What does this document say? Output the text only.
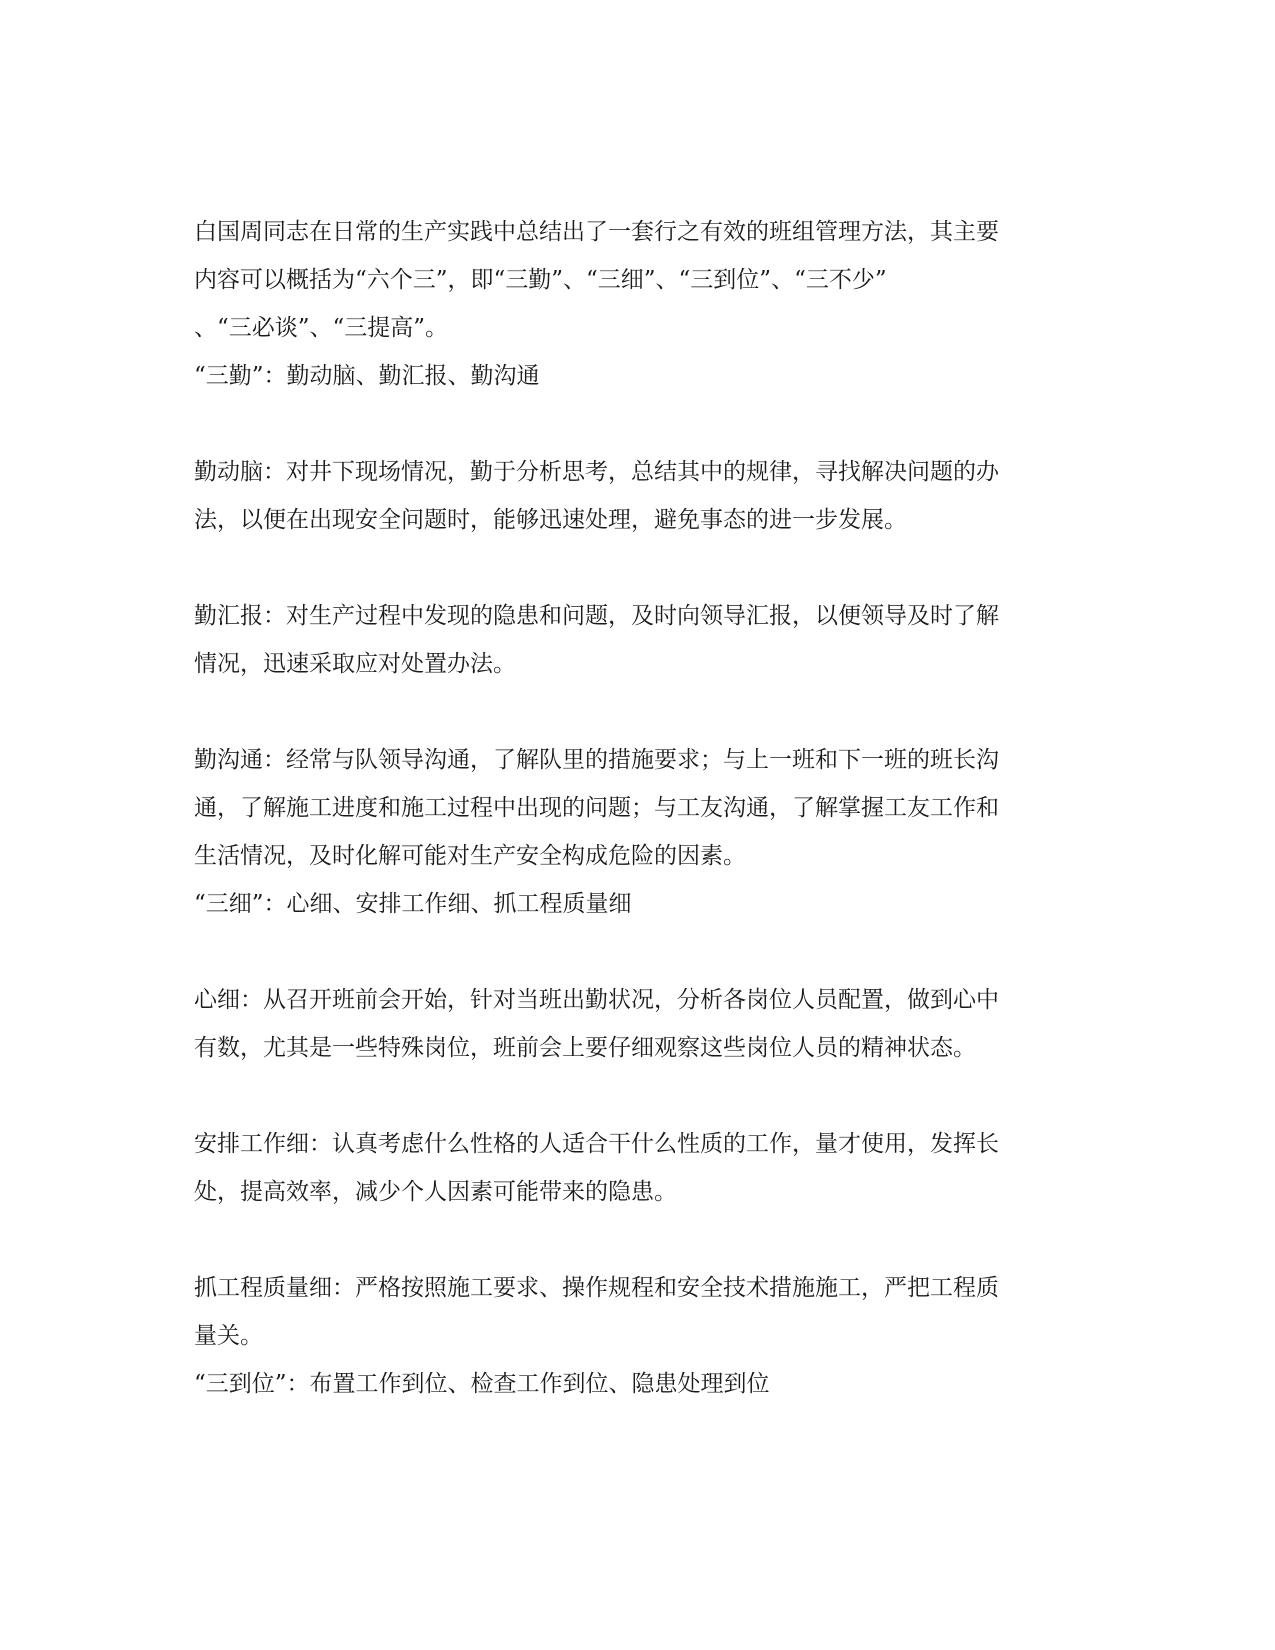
白国周同志在日常的生产实践中总结出了一套行之有效的班组管理方法，其主要
内容可以概括为“六个三”，即“三勤”、“三细”、“三到位”、“三不少”
、“三必谈”、“三提高”。
“三勤”：勤动脑、勤汇报、勤沟通
勤动脑：对井下现场情况，勤于分析思考，总结其中的规律，寻找解决问题的办
法，以便在出现安全问题时，能够迅速处理，避免事态的进一步发展。
勤汇报：对生产过程中发现的隐患和问题，及时向领导汇报，以便领导及时了解
情况，迅速采取应对处置办法。
勤沟通：经常与队领导沟通，了解队里的措施要求；与上一班和下一班的班长沟
通，了解施工进度和施工过程中出现的问题；与工友沟通，了解掌握工友工作和
生活情况，及时化解可能对生产安全构成危险的因素。
“三细”：心细、安排工作细、抓工程质量细
心细：从召开班前会开始，针对当班出勤状况，分析各岗位人员配置，做到心中
有数，尤其是一些特殊岗位，班前会上要仔细观察这些岗位人员的精神状态。
安排工作细：认真考虑什么性格的人适合干什么性质的工作，量才使用，发挥长
处，提高效率，减少个人因素可能带来的隐患。
抓工程质量细：严格按照施工要求、操作规程和安全技术措施施工，严把工程质
量关。
“三到位”：布置工作到位、检查工作到位、隐患处理到位
